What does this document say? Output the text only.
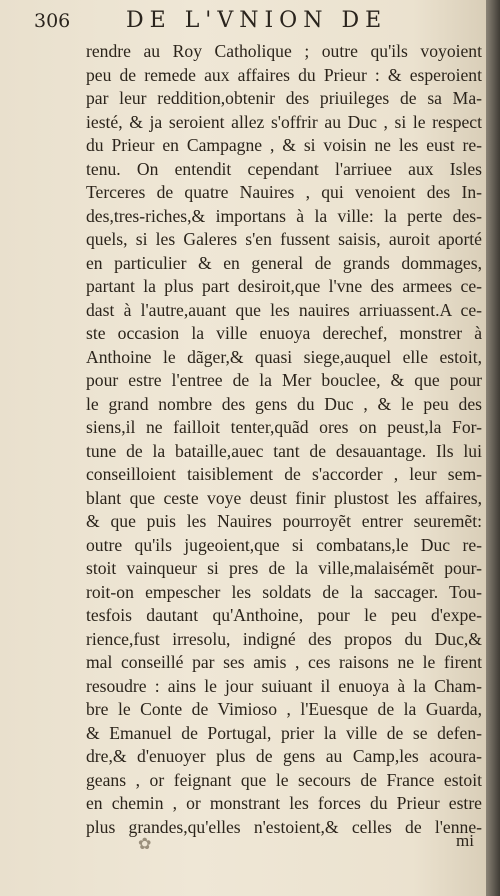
306	DE L'VNION DE
rendre au Roy Catholique ; outre qu'ils voyoient
peu de remede aux affaires du Prieur : & esperoient
par leur reddition,obtenir des priuileges de sa Ma-
iesté, & ja seroient allez s'offrir au Duc , si le respect
du Prieur en Campagne , & si voisin ne les eust re-
tenu. On entendit cependant l'arriuee aux Isles
Terceres de quatre Nauires , qui venoient des In-
des,tres-riches,& importans à la ville: la perte des-
quels, si les Galeres s'en fussent saisis, auroit aporté
en particulier & en general de grands dommages,
partant la plus part desiroit,que l'vne des armees ce-
dast à l'autre,auant que les nauires arriuassent.A ce-
ste occasion la ville enuoya derechef, monstrer à
Anthoine le dãger,& quasi siege,auquel elle estoit,
pour estre l'entree de la Mer bouclee, & que pour
le grand nombre des gens du Duc , & le peu des
siens,il ne failloit tenter,quãd ores on peust,la For-
tune de la bataille,auec tant de desauantage. Ils lui
conseilloient taisiblement de s'accorder , leur sem-
blant que ceste voye deust finir plustost les affaires,
& que puis les Nauires pourroyẽt entrer seuremẽt:
outre qu'ils jugeoient,que si combatans,le Duc re-
stoit vainqueur si pres de la ville,malaisémẽt pour-
roit-on empescher les soldats de la saccager. Tou-
tesfois dautant qu'Anthoine, pour le peu d'expe-
rience,fust irresolu, indigné des propos du Duc,&
mal conseillé par ses amis , ces raisons ne le firent
resoudre : ains le jour suiuant il enuoya à la Cham-
bre le Conte de Vimioso , l'Euesque de la Guarda,
& Emanuel de Portugal, prier la ville de se defen-
dre,& d'enuoyer plus de gens au Camp,les acoura-
geans , or feignant que le secours de France estoit
en chemin , or monstrant les forces du Prieur estre
plus grandes,qu'elles n'estoient,& celles de l'enne-
✿	mi
